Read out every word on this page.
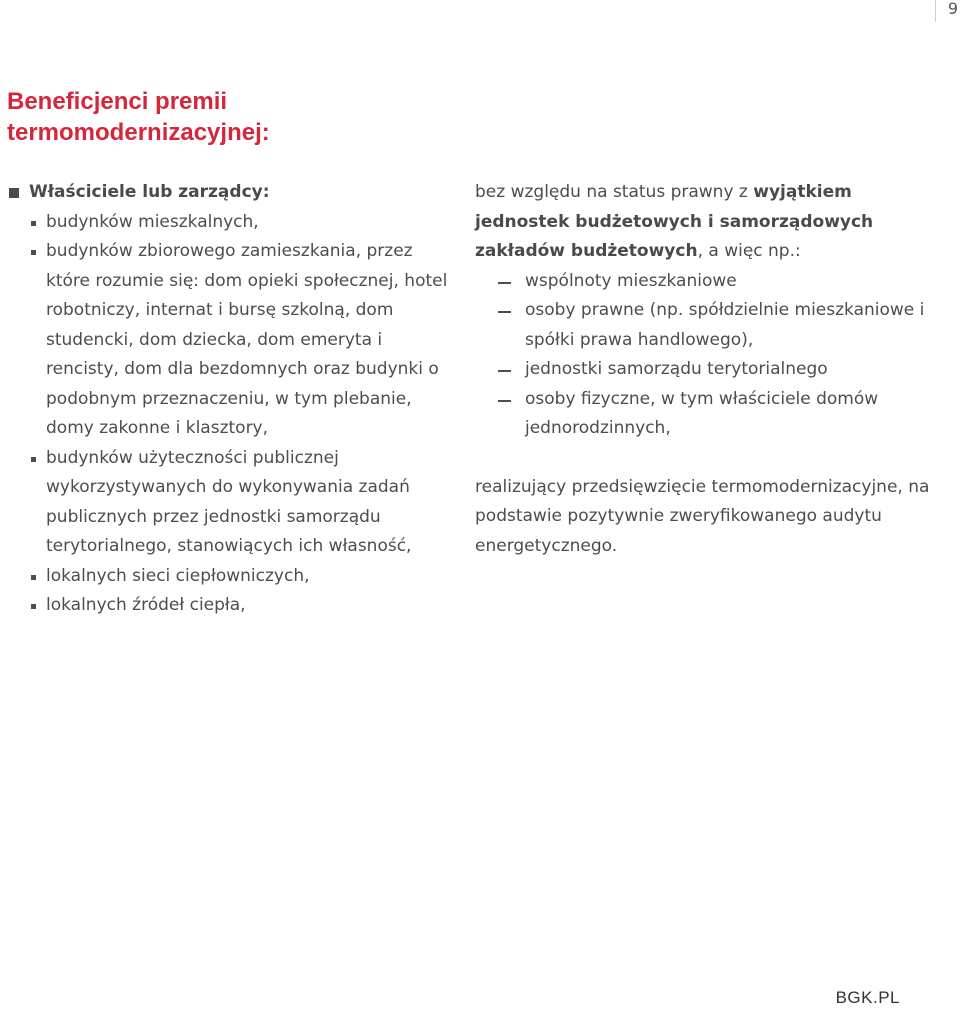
9
Beneficjenci premii
termomodernizacyjnej:
Właściciele lub zarządcy:
budynków mieszkalnych,
budynków zbiorowego zamieszkania, przez które rozumie się: dom opieki społecznej, hotel robotniczy, internat i bursę szkolną, dom studencki, dom dziecka, dom emeryta i rencisty, dom dla bezdomnych oraz budynki o podobnym przeznaczeniu, w tym plebanie, domy zakonne i klasztory,
budynków użyteczności publicznej wykorzystywanych do wykonywania zadań publicznych przez jednostki samorządu terytorialnego, stanowiących ich własność,
lokalnych sieci ciepłowniczych,
lokalnych źródeł ciepła,

bez względu na status prawny z wyjątkiem jednostek budżetowych i samorządowych zakładów budżetowych, a więc np.:

wspólnoty mieszkaniowe
osoby prawne (np. spółdzielnie mieszkaniowe i spółki prawa handlowego),
jednostki samorządu terytorialnego
osoby fizyczne, w tym właściciele domów jednorodzinnych,

realizujący przedsięwzięcie termomodernizacyjne, na podstawie pozytywnie zweryfikowanego audytu energetycznego.

BGK.PL
